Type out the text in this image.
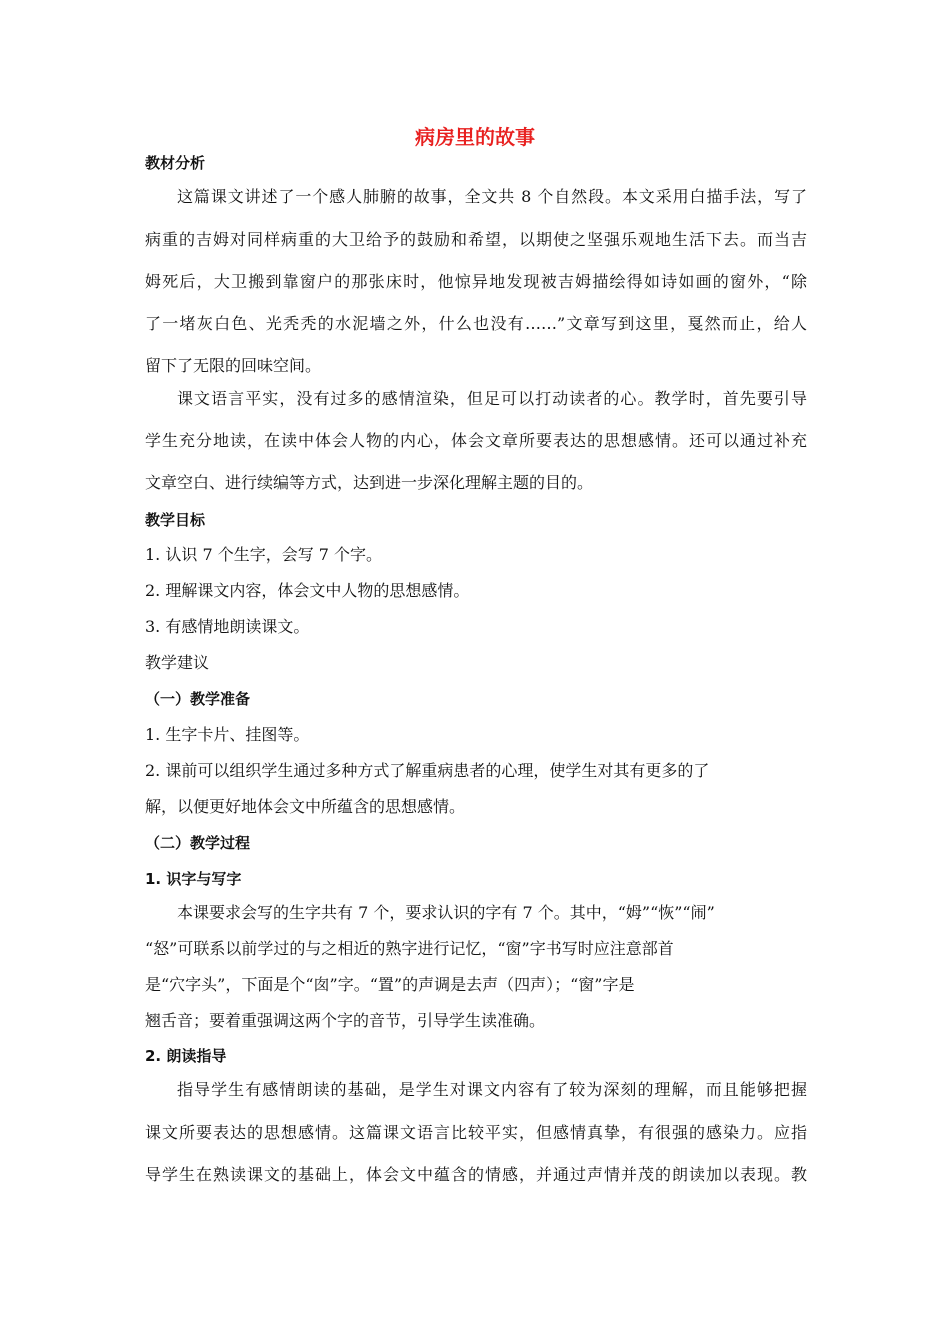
病房里的故事
教材分析
这篇课文讲述了一个感人肺腑的故事，全文共 8 个自然段。本文采用白描手法，写了
病重的吉姆对同样病重的大卫给予的鼓励和希望，以期使之坚强乐观地生活下去。而当吉
姆死后，大卫搬到靠窗户的那张床时，他惊异地发现被吉姆描绘得如诗如画的窗外，“除
了一堵灰白色、光秃秃的水泥墙之外，什么也没有……”文章写到这里，戛然而止，给人
留下了无限的回味空间。
课文语言平实，没有过多的感情渲染，但足可以打动读者的心。教学时，首先要引导
学生充分地读，在读中体会人物的内心，体会文章所要表达的思想感情。还可以通过补充
文章空白、进行续编等方式，达到进一步深化理解主题的目的。
教学目标
1. 认识 7 个生字，会写 7 个字。
2. 理解课文内容，体会文中人物的思想感情。
3. 有感情地朗读课文。
教学建议
（一）教学准备
1. 生字卡片、挂图等。
2. 课前可以组织学生通过多种方式了解重病患者的心理，使学生对其有更多的了
解，以便更好地体会文中所蕴含的思想感情。
（二）教学过程
1. 识字与写字
本课要求会写的生字共有 7 个，要求认识的字有 7 个。其中，“姆”“恢”“闹”
“怒”可联系以前学过的与之相近的熟字进行记忆，“窗”字书写时应注意部首
是“穴字头”，下面是个“囱”字。“置”的声调是去声（四声）；“窗”字是
翘舌音；要着重强调这两个字的音节，引导学生读准确。
2. 朗读指导
指导学生有感情朗读的基础，是学生对课文内容有了较为深刻的理解，而且能够把握
课文所要表达的思想感情。这篇课文语言比较平实，但感情真挚，有很强的感染力。应指
导学生在熟读课文的基础上，体会文中蕴含的情感，并通过声情并茂的朗读加以表现。教
